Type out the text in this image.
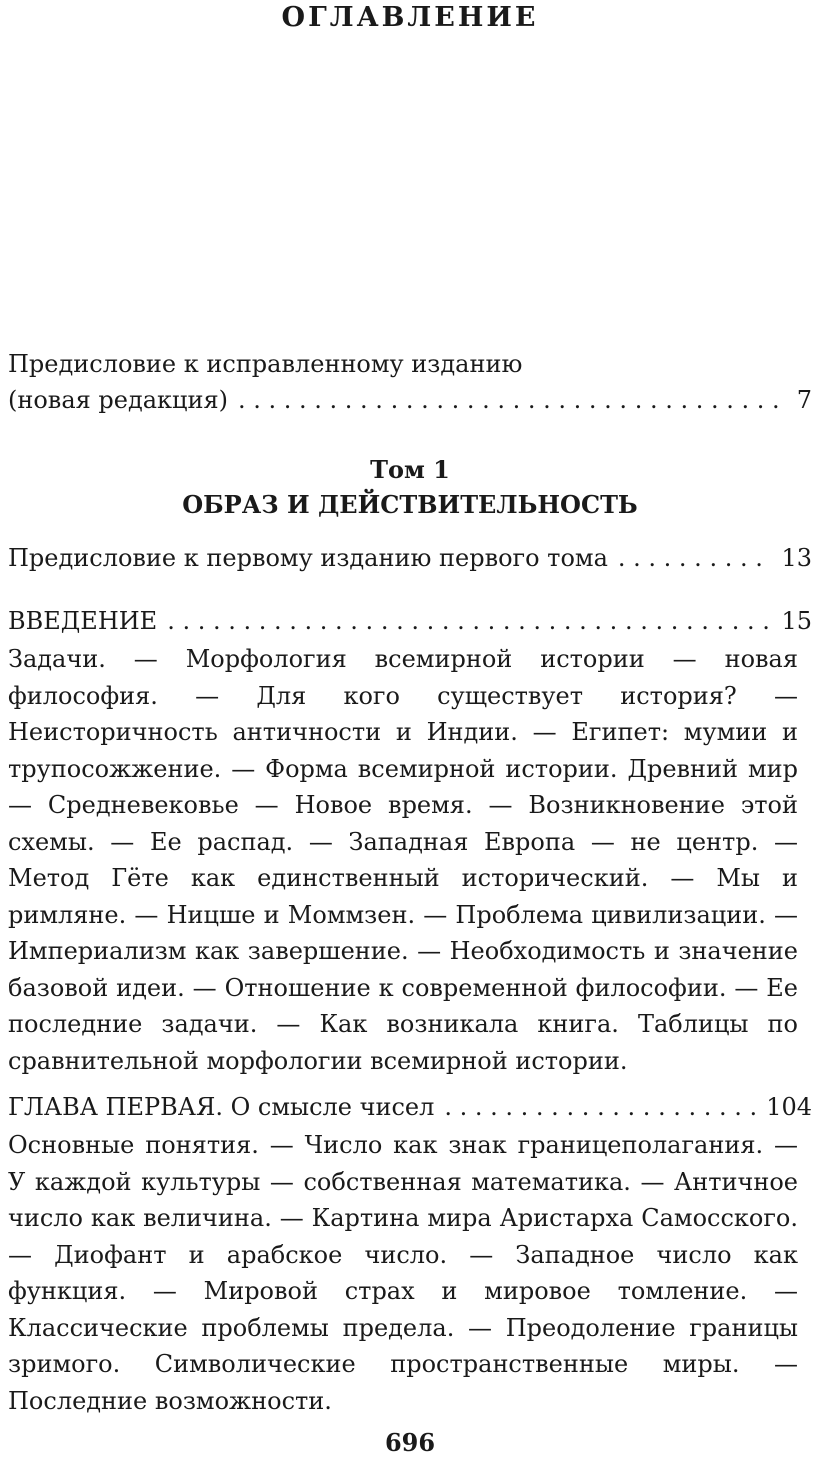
ОГЛАВЛЕНИЕ
Предисловие к исправленному изданию
(новая редакция) . . .	7
Том 1
ОБРАЗ И ДЕЙСТВИТЕЛЬНОСТЬ
Предисловие к первому изданию первого тома . . .	13
ВВЕДЕНИЕ . . .	15
Задачи. — Морфология всемирной истории — новая философия. — Для кого существует история? — Неисторичность античности и Индии. — Египет: мумии и трупосожжение. — Форма всемирной истории. Древний мир — Средневековье — Новое время. — Возникновение этой схемы. — Ее распад. — Западная Европа — не центр. — Метод Гёте как единственный исторический. — Мы и римляне. — Ницше и Моммзен. — Проблема цивилизации. — Империализм как завершение. — Необходимость и значение базовой идеи. — Отношение к современной философии. — Ее последние задачи. — Как возникала книга. Таблицы по сравнительной морфологии всемирной истории.
ГЛАВА ПЕРВАЯ. О смысле чисел . . .	104
Основные понятия. — Число как знак границеполагания. — У каждой культуры — собственная математика. — Античное число как величина. — Картина мира Аристарха Самосского. — Диофант и арабское число. — Западное число как функция. — Мировой страх и мировое томление. — Классические проблемы предела. — Преодоление границы зримого. Символические пространственные миры. — Последние возможности.
696
